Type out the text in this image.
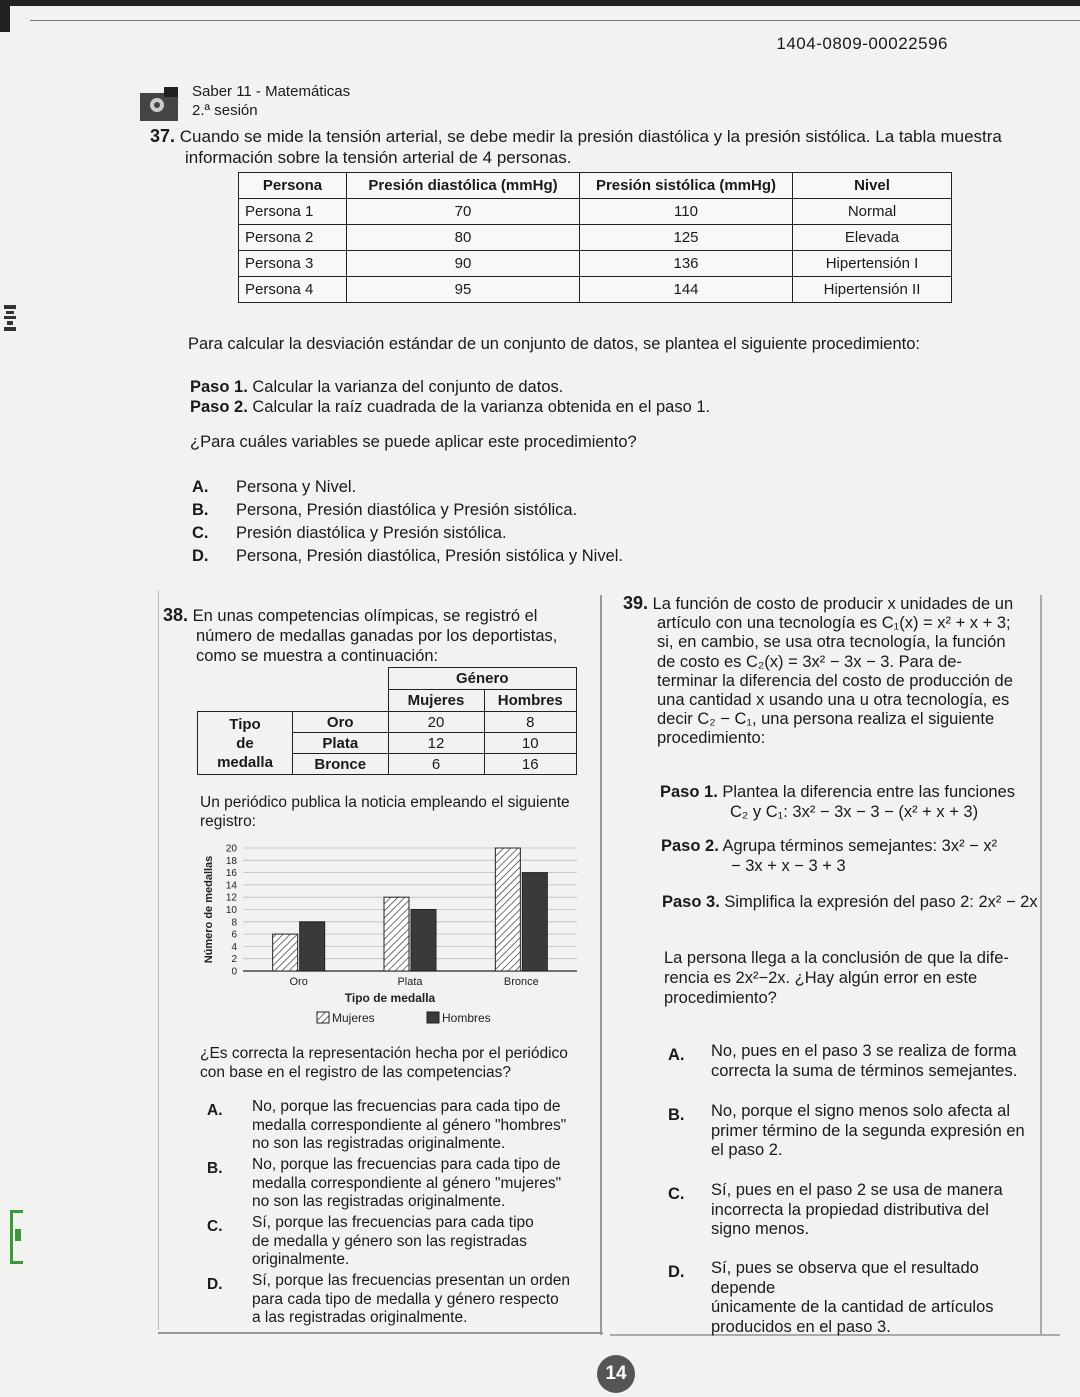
1404-0809-00022596
Saber 11 - Matemáticas
2.ª sesión
37. Cuando se mide la tensión arterial, se debe medir la presión diastólica y la presión sistólica. La tabla muestra
información sobre la tensión arterial de 4 personas.
Persona	Presión diastólica (mmHg)	Presión sistólica (mmHg)	Nivel
Persona 1	70	110	Normal
Persona 2	80	125	Elevada
Persona 3	90	136	Hipertensión I
Persona 4	95	144	Hipertensión II
Para calcular la desviación estándar de un conjunto de datos, se plantea el siguiente procedimiento:
Paso 1. Calcular la varianza del conjunto de datos.
Paso 2. Calcular la raíz cuadrada de la varianza obtenida en el paso 1.
¿Para cuáles variables se puede aplicar este procedimiento?
A. Persona y Nivel.
B. Persona, Presión diastólica y Presión sistólica.
C. Presión diastólica y Presión sistólica.
D. Persona, Presión diastólica, Presión sistólica y Nivel.
38. En unas competencias olímpicas, se registró el
número de medallas ganadas por los deportistas,
como se muestra a continuación:
		Género	
		Mujeres	Hombres

Tipo
de
medalla	Oro	20	8
	Plata	12	10
	Bronce	6	16
Un periódico publica la noticia empleando el siguiente
registro:
0
2
4
6
8
10
12
14
16
18
20
Número de medallas
Oro	Plata	Bronce
Tipo de medalla
Mujeres	Hombres
¿Es correcta la representación hecha por el periódico
con base en el registro de las competencias?
A.	No, porque las frecuencias para cada tipo de
medalla correspondiente al género "hombres"
no son las registradas originalmente.
B.	No, porque las frecuencias para cada tipo de
medalla correspondiente al género "mujeres"
no son las registradas originalmente.
C.	Sí, porque las frecuencias para cada tipo
de medalla y género son las registradas
originalmente.
D.	Sí, porque las frecuencias presentan un orden
para cada tipo de medalla y género respecto
a las registradas originalmente.
39. La función de costo de producir x unidades de un
artículo con una tecnología es C₁(x) = x² + x + 3;
si, en cambio, se usa otra tecnología, la función
de costo es C₂(x) = 3x² − 3x − 3. Para de-
terminar la diferencia del costo de producción de
una cantidad x usando una u otra tecnología, es
decir C₂ − C₁, una persona realiza el siguiente
procedimiento:
Paso 1. Plantea la diferencia entre las funciones
C₂ y C₁: 3x² − 3x − 3 − (x² + x + 3)
Paso 2. Agrupa términos semejantes: 3x² − x²
− 3x + x − 3 + 3
Paso 3. Simplifica la expresión del paso 2: 2x² − 2x
La persona llega a la conclusión de que la dife-
rencia es 2x²−2x. ¿Hay algún error en este
procedimiento?
A.	No, pues en el paso 3 se realiza de forma
correcta la suma de términos semejantes.
B.	No, porque el signo menos solo afecta al
primer término de la segunda expresión en
el paso 2.
C.	Sí, pues en el paso 2 se usa de manera
incorrecta la propiedad distributiva del
signo menos.
D.	Sí, pues se observa que el resultado depende
únicamente de la cantidad de artículos
producidos en el paso 3.
14
